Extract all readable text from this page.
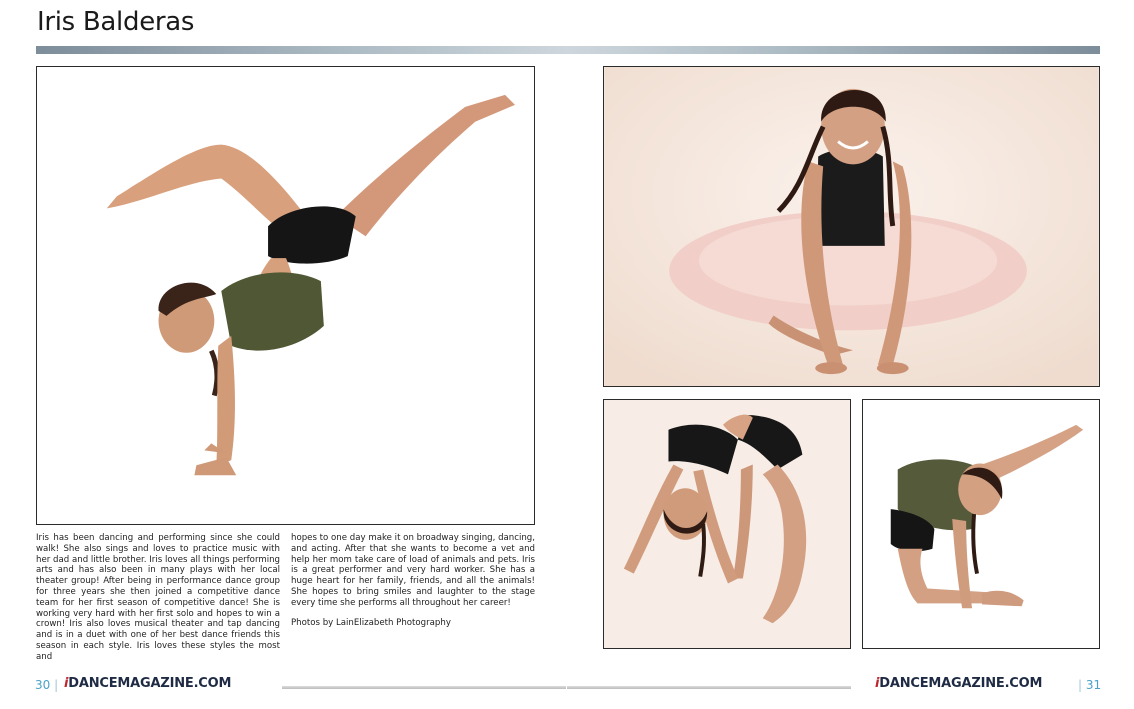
Iris Balderas
Iris has been dancing and performing since she could walk! She also sings and loves to practice music with her dad and little brother. Iris loves all things performing arts and has also been in many plays with her local theater group! After being in performance dance group for three years she then joined a competitive dance team for her first season of competitive dance! She is working very hard with her first solo and hopes to win a crown! Iris also loves musical theater and tap dancing and is in a duet with one of her best dance friends this season in each style. Iris loves these styles the most and
hopes to one day make it on broadway singing, dancing, and acting. After that she wants to become a vet and help her mom take care of load of animals and pets. Iris is a great performer and very hard worker. She has a huge heart for her family, friends, and all the animals! She hopes to bring smiles and laughter to the stage every time she performs all throughout her career!
Photos by LainElizabeth Photography
30 | iDANCEMAGAZINE.COM	iDANCEMAGAZINE.COM	| 31
